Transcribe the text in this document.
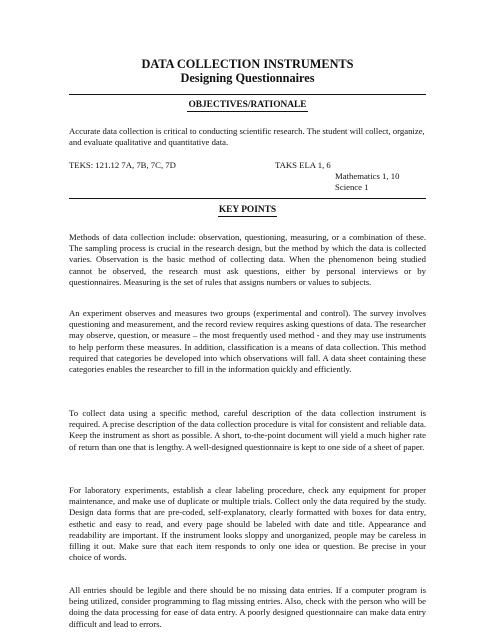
DATA COLLECTION INSTRUMENTS
Designing Questionnaires
OBJECTIVES/RATIONALE

Accurate data collection is critical to conducting scientific research. The student will collect, organize, and evaluate qualitative and quantitative data.

TEKS: 121.12 7A, 7B, 7C, 7D	TAKS ELA 1, 6
Mathematics 1, 10
Science 1
KEY POINTS

Methods of data collection include: observation, questioning, measuring, or a combination of these. The sampling process is crucial in the research design, but the method by which the data is collected varies. Observation is the basic method of collecting data. When the phenomenon being studied cannot be observed, the research must ask questions, either by personal interviews or by questionnaires. Measuring is the set of rules that assigns numbers or values to subjects.

An experiment observes and measures two groups (experimental and control). The survey involves questioning and measurement, and the record review requires asking questions of data. The researcher may observe, question, or measure – the most frequently used method - and they may use instruments to help perform these measures. In addition, classification is a means of data collection. This method required that categories be developed into which observations will fall. A data sheet containing these categories enables the researcher to fill in the information quickly and efficiently.

To collect data using a specific method, careful description of the data collection instrument is required. A precise description of the data collection procedure is vital for consistent and reliable data. Keep the instrument as short as possible. A short, to-the-point document will yield a much higher rate of return than one that is lengthy. A well-designed questionnaire is kept to one side of a sheet of paper.

For laboratory experiments, establish a clear labeling procedure, check any equipment for proper maintenance, and make use of duplicate or multiple trials. Collect only the data required by the study. Design data forms that are pre-coded, self-explanatory, clearly formatted with boxes for data entry, esthetic and easy to read, and every page should be labeled with date and title. Appearance and readability are important. If the instrument looks sloppy and unorganized, people may be careless in filling it out. Make sure that each item responds to only one idea or question. Be precise in your choice of words.

All entries should be legible and there should be no missing data entries. If a computer program is being utilized, consider programming to flag missing entries. Also, check with the person who will be doing the data processing for ease of data entry. A poorly designed questionnaire can make data entry difficult and lead to errors.
